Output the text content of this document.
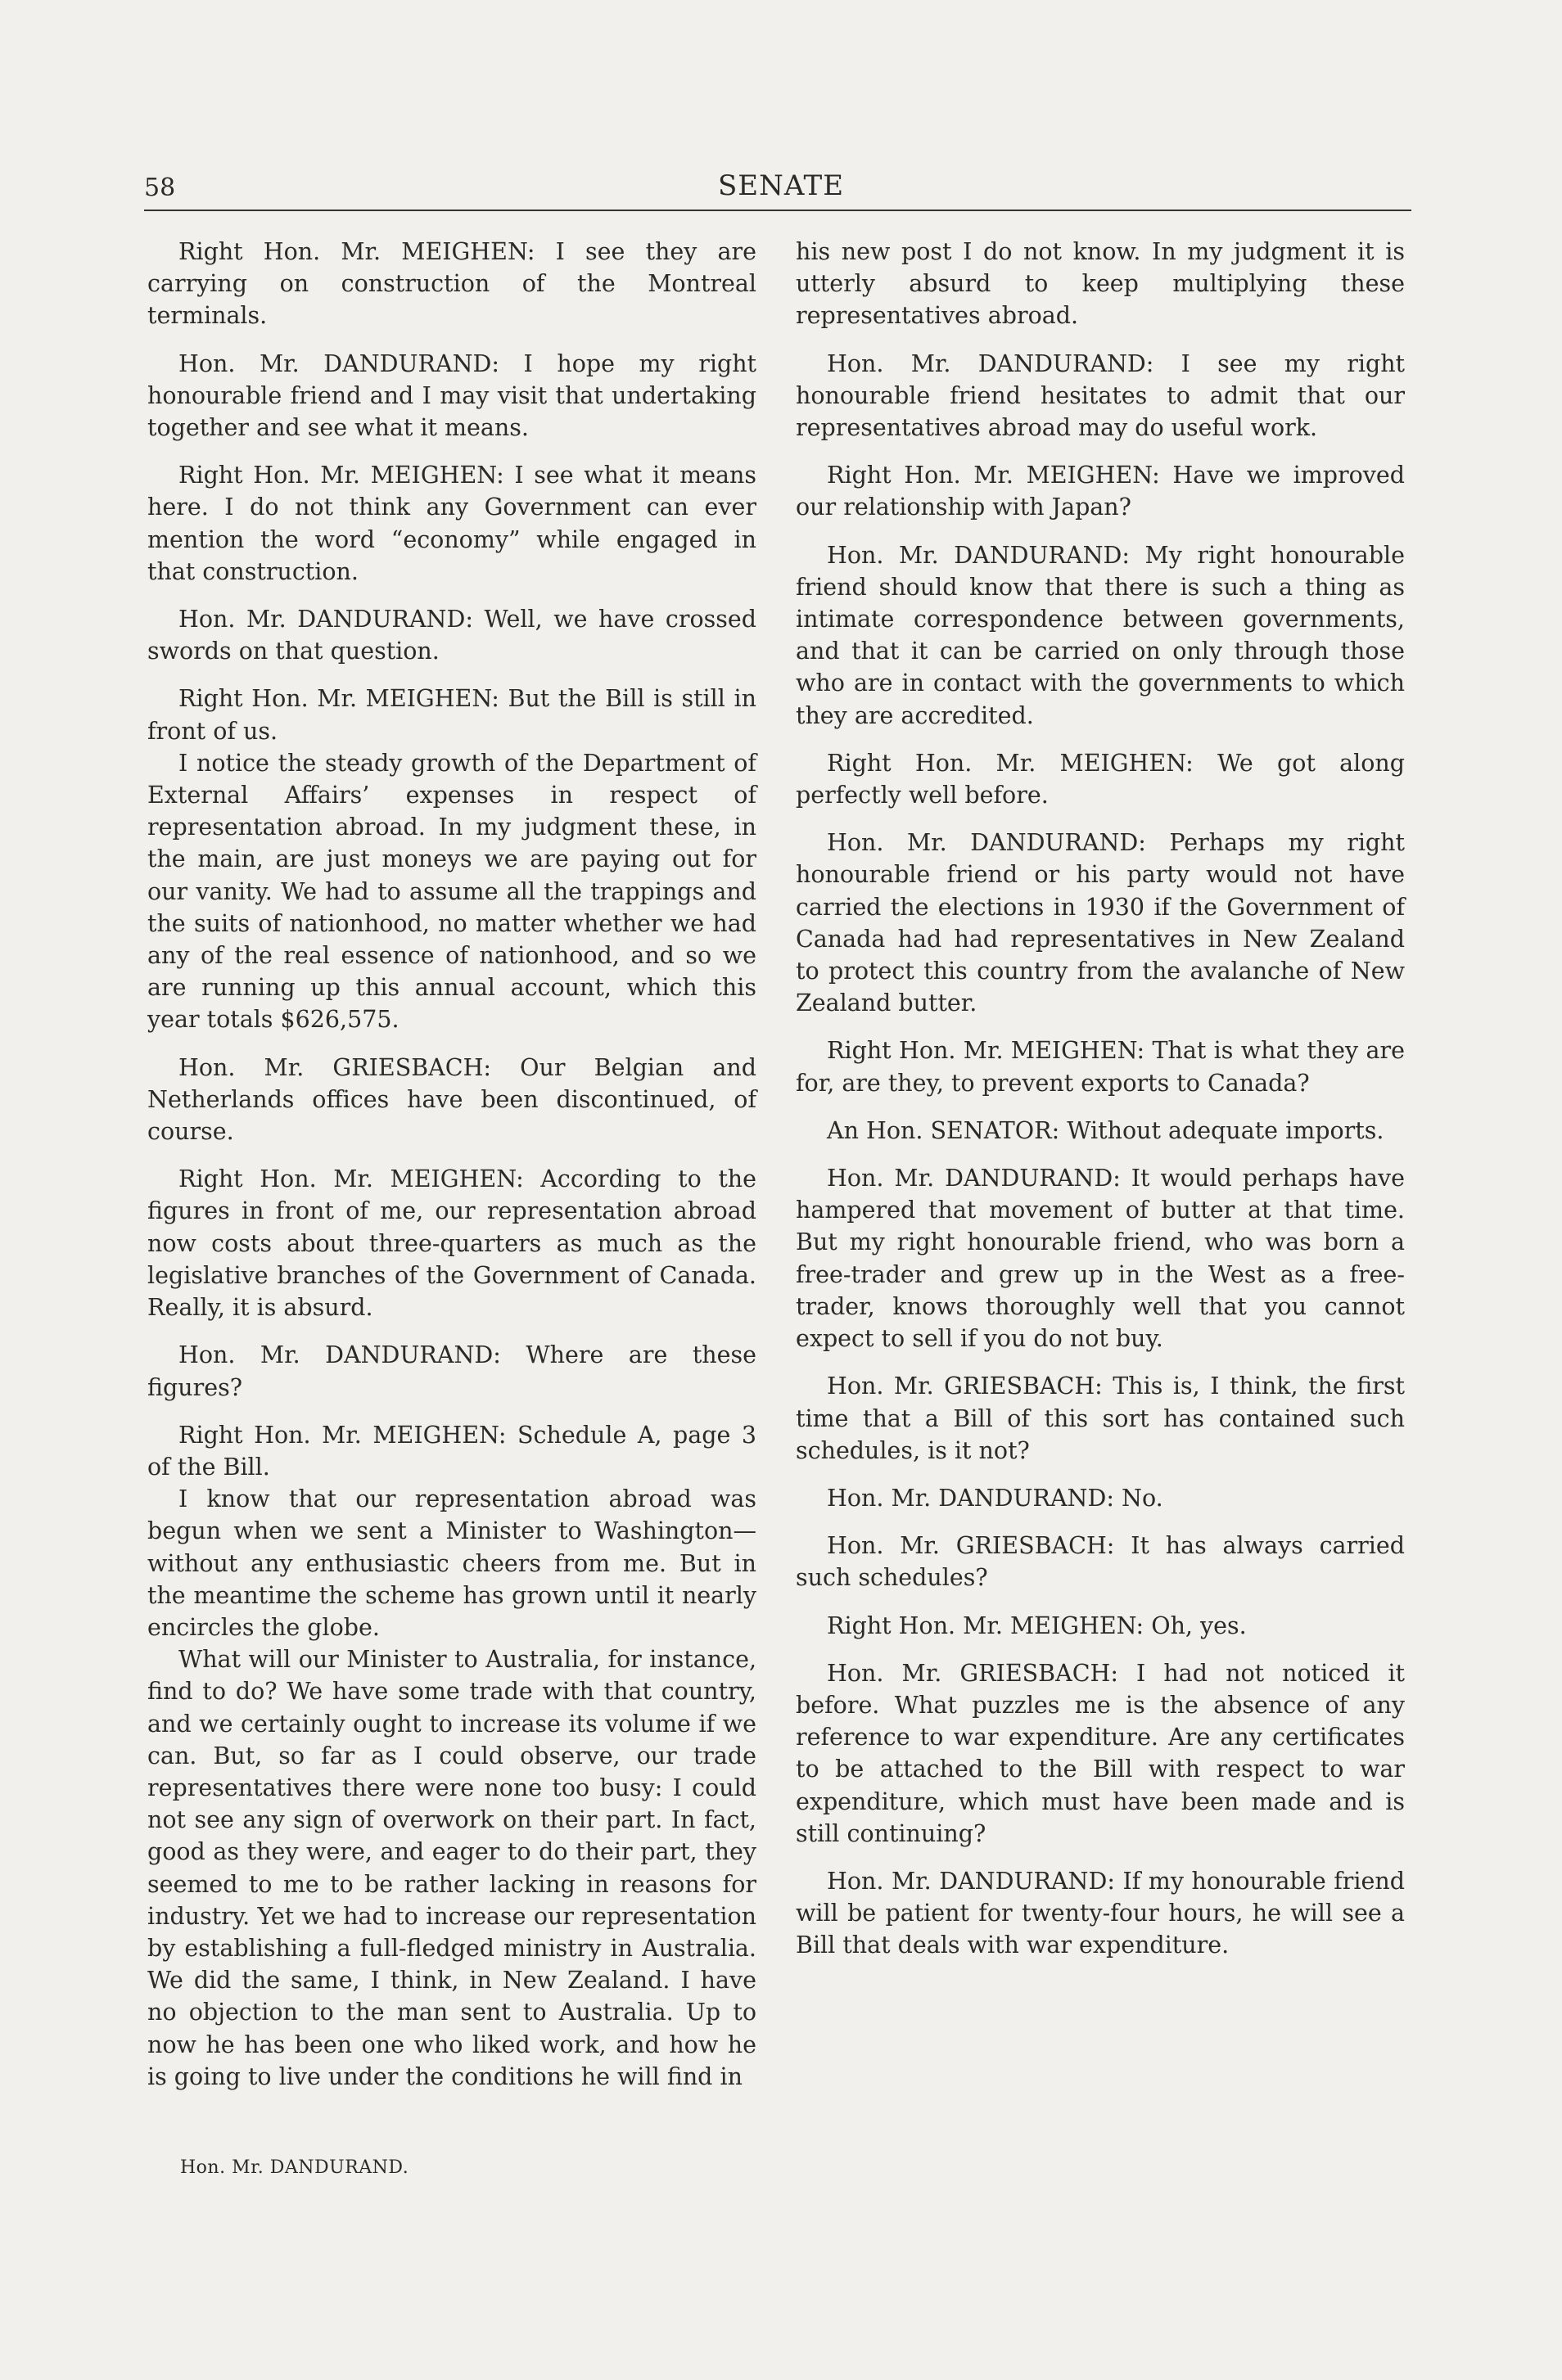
58	SENATE

Right Hon. Mr. MEIGHEN: I see they are carrying on construction of the Montreal terminals.

Hon. Mr. DANDURAND: I hope my right honourable friend and I may visit that undertaking together and see what it means.

Right Hon. Mr. MEIGHEN: I see what it means here. I do not think any Government can ever mention the word “economy” while engaged in that construction.

Hon. Mr. DANDURAND: Well, we have crossed swords on that question.

Right Hon. Mr. MEIGHEN: But the Bill is still in front of us.

I notice the steady growth of the Department of External Affairs’ expenses in respect of representation abroad. In my judgment these, in the main, are just moneys we are paying out for our vanity. We had to assume all the trappings and the suits of nationhood, no matter whether we had any of the real essence of nationhood, and so we are running up this annual account, which this year totals $626,575.

Hon. Mr. GRIESBACH: Our Belgian and Netherlands offices have been discontinued, of course.

Right Hon. Mr. MEIGHEN: According to the figures in front of me, our representation abroad now costs about three-quarters as much as the legislative branches of the Government of Canada. Really, it is absurd.

Hon. Mr. DANDURAND: Where are these figures?

Right Hon. Mr. MEIGHEN: Schedule A, page 3 of the Bill.

I know that our representation abroad was begun when we sent a Minister to Washington—without any enthusiastic cheers from me. But in the meantime the scheme has grown until it nearly encircles the globe.

What will our Minister to Australia, for instance, find to do? We have some trade with that country, and we certainly ought to increase its volume if we can. But, so far as I could observe, our trade representatives there were none too busy: I could not see any sign of overwork on their part. In fact, good as they were, and eager to do their part, they seemed to me to be rather lacking in reasons for industry. Yet we had to increase our representation by establishing a full-fledged ministry in Australia. We did the same, I think, in New Zealand. I have no objection to the man sent to Australia. Up to now he has been one who liked work, and how he is going to live under the conditions he will find in

his new post I do not know. In my judgment it is utterly absurd to keep multiplying these representatives abroad.

Hon. Mr. DANDURAND: I see my right honourable friend hesitates to admit that our representatives abroad may do useful work.

Right Hon. Mr. MEIGHEN: Have we improved our relationship with Japan?

Hon. Mr. DANDURAND: My right honourable friend should know that there is such a thing as intimate correspondence between governments, and that it can be carried on only through those who are in contact with the governments to which they are accredited.

Right Hon. Mr. MEIGHEN: We got along perfectly well before.

Hon. Mr. DANDURAND: Perhaps my right honourable friend or his party would not have carried the elections in 1930 if the Government of Canada had had representatives in New Zealand to protect this country from the avalanche of New Zealand butter.

Right Hon. Mr. MEIGHEN: That is what they are for, are they, to prevent exports to Canada?

An Hon. SENATOR: Without adequate imports.

Hon. Mr. DANDURAND: It would perhaps have hampered that movement of butter at that time. But my right honourable friend, who was born a free-trader and grew up in the West as a free-trader, knows thoroughly well that you cannot expect to sell if you do not buy.

Hon. Mr. GRIESBACH: This is, I think, the first time that a Bill of this sort has contained such schedules, is it not?

Hon. Mr. DANDURAND: No.

Hon. Mr. GRIESBACH: It has always carried such schedules?

Right Hon. Mr. MEIGHEN: Oh, yes.

Hon. Mr. GRIESBACH: I had not noticed it before. What puzzles me is the absence of any reference to war expenditure. Are any certificates to be attached to the Bill with respect to war expenditure, which must have been made and is still continuing?

Hon. Mr. DANDURAND: If my honourable friend will be patient for twenty-four hours, he will see a Bill that deals with war expenditure.

Hon. Mr. DANDURAND.
